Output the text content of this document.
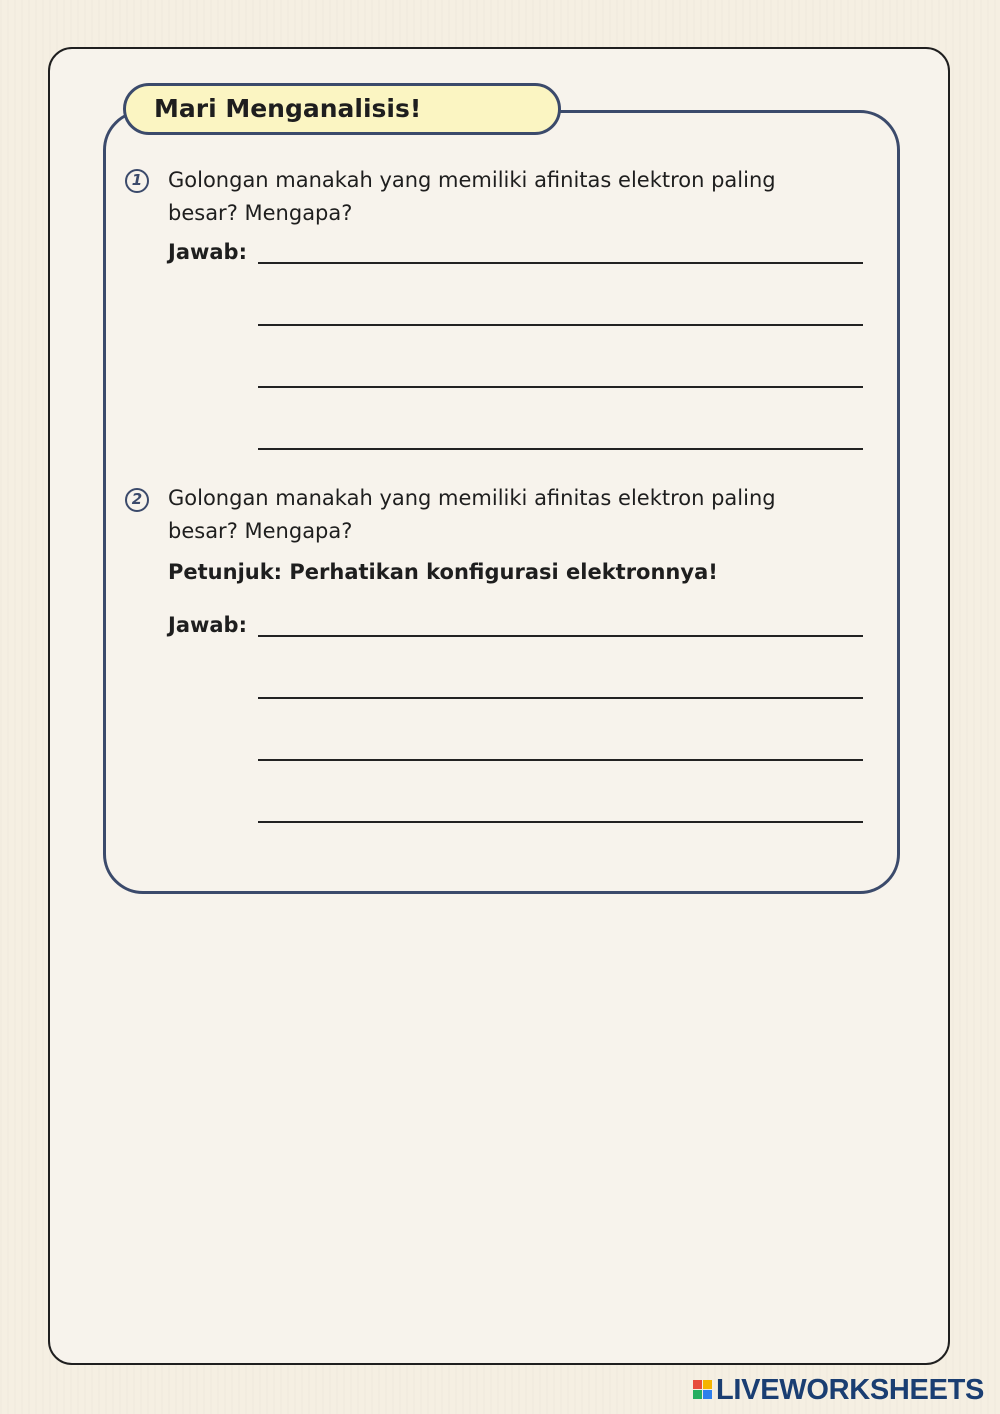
Mari Menganalisis!
1	Golongan manakah yang memiliki afinitas elektron paling
besar? Mengapa?
Jawab:
2	Golongan manakah yang memiliki afinitas elektron paling
besar? Mengapa?
Petunjuk: Perhatikan konfigurasi elektronnya!
Jawab:
LIVEWORKSHEETS
